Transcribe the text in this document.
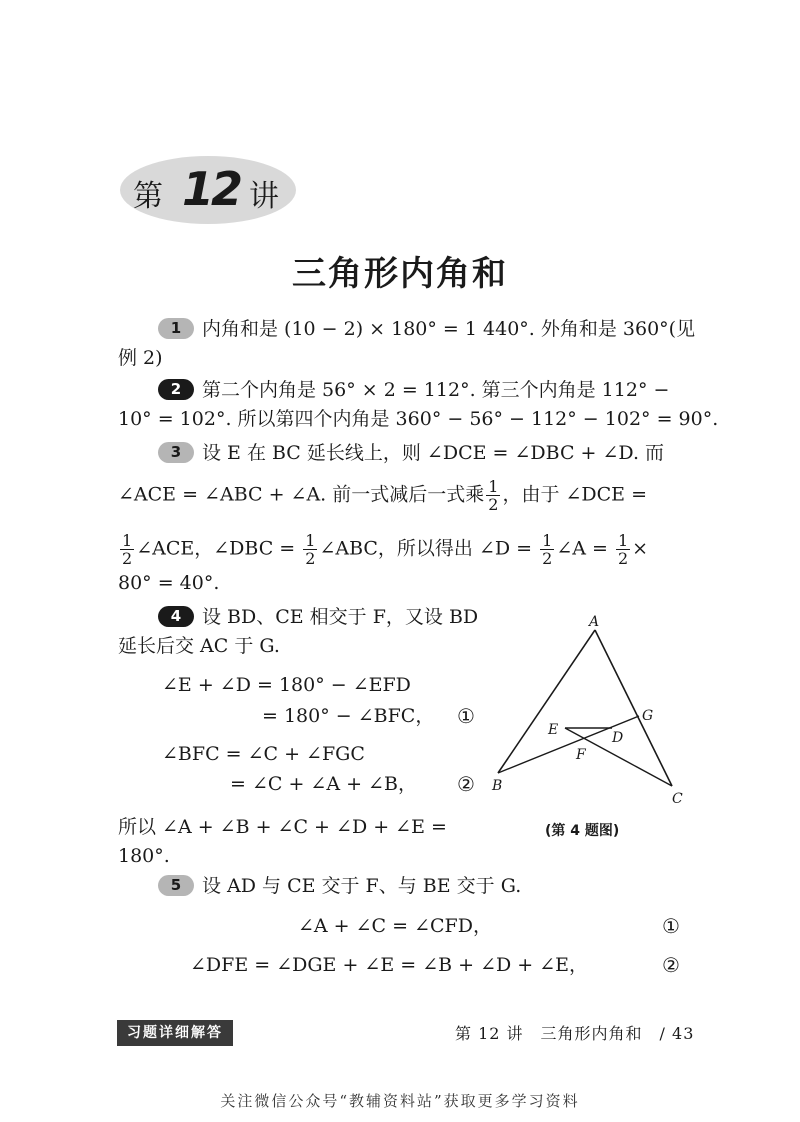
第 12 讲
三角形内角和
1 内角和是 (10 − 2) × 180° = 1 440°. 外角和是 360°(见
例 2)
2 第二个内角是 56° × 2 = 112°. 第三个内角是 112° −
10° = 102°. 所以第四个内角是 360° − 56° − 112° − 102° = 90°.
3 设 E 在 BC 延长线上，则 ∠DCE = ∠DBC + ∠D. 而
∠ACE = ∠ABC + ∠A. 前一式减后一式乘 $\frac{1}{2}$ ，由于 ∠DCE =
$\frac{1}{2}$ ∠ACE，∠DBC = $\frac{1}{2}$ ∠ABC，所以得出 ∠D = $\frac{1}{2}$ ∠A = $\frac{1}{2}$ ×
80° = 40°.
4 设 BD、CE 相交于 F，又设 BD
延长后交 AC 于 G.
∠E + ∠D = 180° − ∠EFD
= 180° − ∠BFC， ①
∠BFC = ∠C + ∠FGC
= ∠C + ∠A + ∠B， ②
所以 ∠A + ∠B + ∠C + ∠D + ∠E =
180°.
A
B
C
D
E
F
G
(第 4 题图)
5 设 AD 与 CE 交于 F、与 BE 交于 G.
∠A + ∠C = ∠CFD，	①
∠DFE = ∠DGE + ∠E = ∠B + ∠D + ∠E，	②
习题详细解答	第 12 讲　三角形内角和　/ 43
关注微信公众号“教辅资料站”获取更多学习资料
